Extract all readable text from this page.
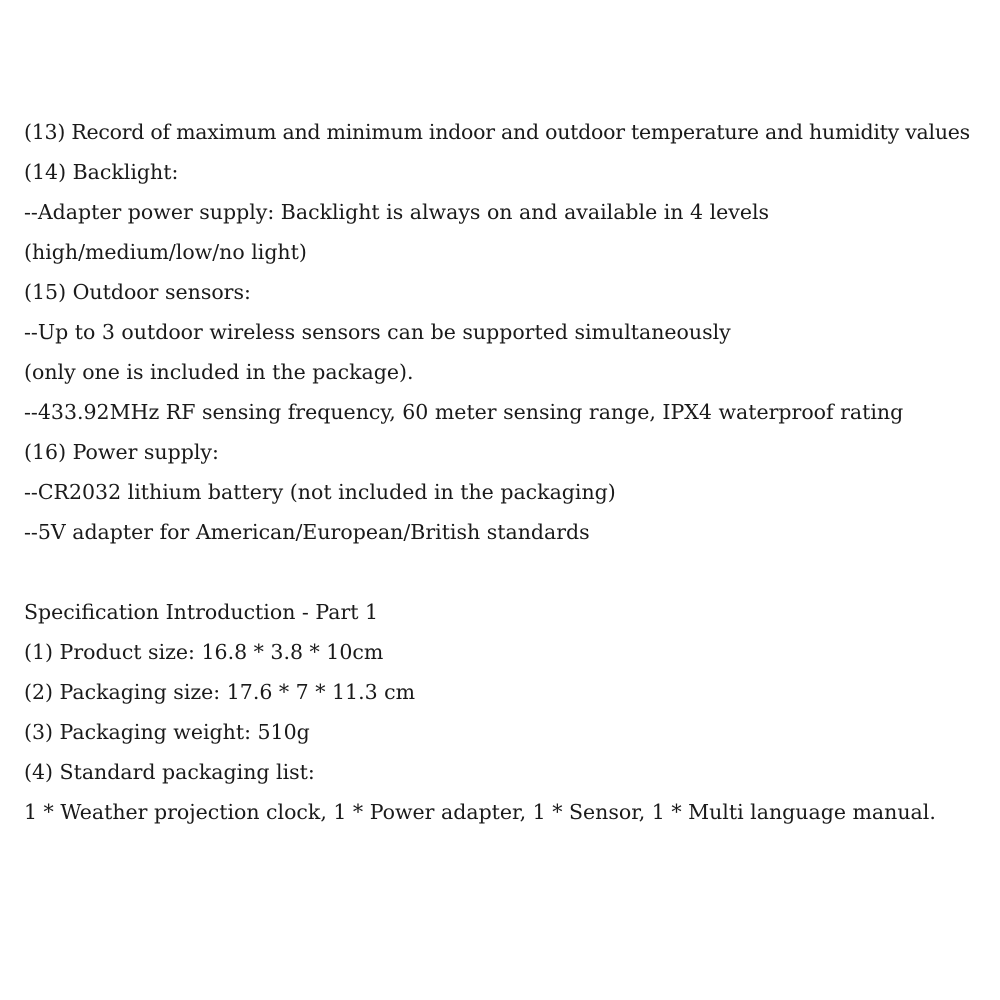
(13) Record of maximum and minimum indoor and outdoor temperature and humidity values
(14) Backlight:
--Adapter power supply: Backlight is always on and available in 4 levels
(high/medium/low/no light)
(15) Outdoor sensors:
--Up to 3 outdoor wireless sensors can be supported simultaneously
(only one is included in the package).
--433.92MHz RF sensing frequency, 60 meter sensing range, IPX4 waterproof rating
(16) Power supply:
--CR2032 lithium battery (not included in the packaging)
--5V adapter for American/European/British standards
Specification Introduction - Part 1
(1) Product size: 16.8 * 3.8 * 10cm
(2) Packaging size: 17.6 * 7 * 11.3 cm
(3) Packaging weight: 510g
(4) Standard packaging list:
1 * Weather projection clock, 1 * Power adapter, 1 * Sensor, 1 * Multi language manual.
